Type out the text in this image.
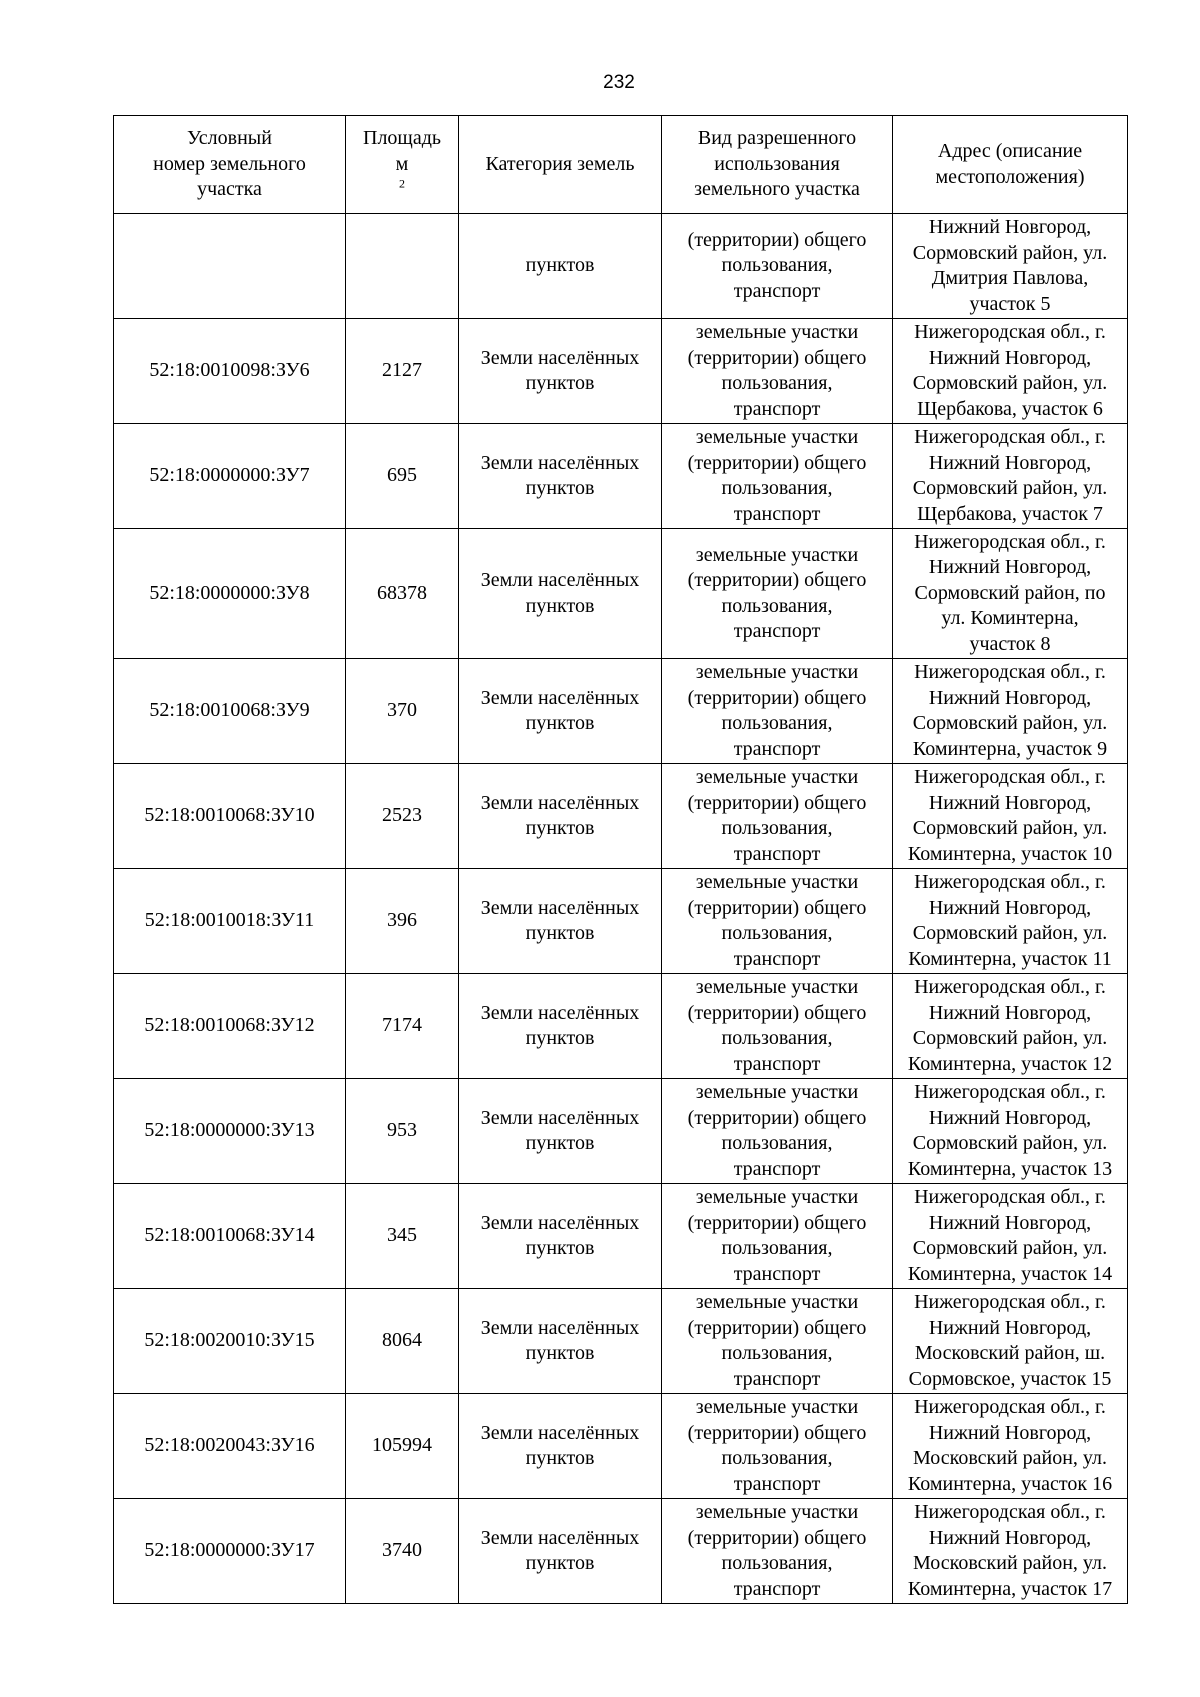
232
Условный
номер земельного
участка	Площадь
м
$^2$	Категория земель	Вид разрешенного
использования
земельного участка	Адрес (описание
местоположения)

		пунктов	(территории) общего
пользования,
транспорт	Нижний Новгород,
Сормовский район, ул.
Дмитрия Павлова,
участок 5

52:18:0010098:ЗУ6	2127	Земли населённых
пунктов	земельные участки
(территории) общего
пользования,
транспорт	Нижегородская обл., г.
Нижний Новгород,
Сормовский район, ул.
Щербакова, участок 6

52:18:0000000:ЗУ7	695	Земли населённых
пунктов	земельные участки
(территории) общего
пользования,
транспорт	Нижегородская обл., г.
Нижний Новгород,
Сормовский район, ул.
Щербакова, участок 7

52:18:0000000:ЗУ8	68378	Земли населённых
пунктов	земельные участки
(территории) общего
пользования,
транспорт	Нижегородская обл., г.
Нижний Новгород,
Сормовский район, по
ул. Коминтерна,
участок 8

52:18:0010068:ЗУ9	370	Земли населённых
пунктов	земельные участки
(территории) общего
пользования,
транспорт	Нижегородская обл., г.
Нижний Новгород,
Сормовский район, ул.
Коминтерна, участок 9

52:18:0010068:ЗУ10	2523	Земли населённых
пунктов	земельные участки
(территории) общего
пользования,
транспорт	Нижегородская обл., г.
Нижний Новгород,
Сормовский район, ул.
Коминтерна, участок 10

52:18:0010018:ЗУ11	396	Земли населённых
пунктов	земельные участки
(территории) общего
пользования,
транспорт	Нижегородская обл., г.
Нижний Новгород,
Сормовский район, ул.
Коминтерна, участок 11

52:18:0010068:ЗУ12	7174	Земли населённых
пунктов	земельные участки
(территории) общего
пользования,
транспорт	Нижегородская обл., г.
Нижний Новгород,
Сормовский район, ул.
Коминтерна, участок 12

52:18:0000000:ЗУ13	953	Земли населённых
пунктов	земельные участки
(территории) общего
пользования,
транспорт	Нижегородская обл., г.
Нижний Новгород,
Сормовский район, ул.
Коминтерна, участок 13

52:18:0010068:ЗУ14	345	Земли населённых
пунктов	земельные участки
(территории) общего
пользования,
транспорт	Нижегородская обл., г.
Нижний Новгород,
Сормовский район, ул.
Коминтерна, участок 14

52:18:0020010:ЗУ15	8064	Земли населённых
пунктов	земельные участки
(территории) общего
пользования,
транспорт	Нижегородская обл., г.
Нижний Новгород,
Московский район, ш.
Сормовское, участок 15

52:18:0020043:ЗУ16	105994	Земли населённых
пунктов	земельные участки
(территории) общего
пользования,
транспорт	Нижегородская обл., г.
Нижний Новгород,
Московский район, ул.
Коминтерна, участок 16

52:18:0000000:ЗУ17	3740	Земли населённых
пунктов	земельные участки
(территории) общего
пользования,
транспорт	Нижегородская обл., г.
Нижний Новгород,
Московский район, ул.
Коминтерна, участок 17
